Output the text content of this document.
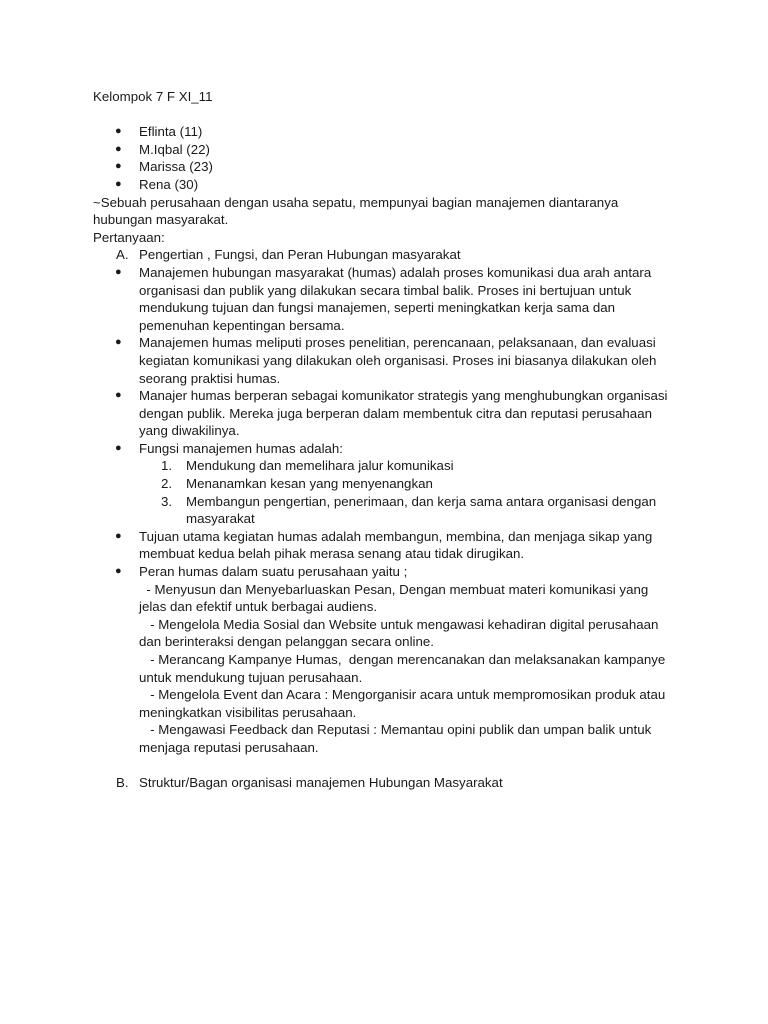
Kelompok 7 F XI_11

● Eflinta (11)
● M.Iqbal (22)
● Marissa (23)
● Rena (30)

~Sebuah perusahaan dengan usaha sepatu, mempunyai bagian manajemen diantaranya hubungan masyarakat.

Pertanyaan:

A. Pengertian , Fungsi, dan Peran Hubungan masyarakat
● Manajemen hubungan masyarakat (humas) adalah proses komunikasi dua arah antara organisasi dan publik yang dilakukan secara timbal balik. Proses ini bertujuan untuk mendukung tujuan dan fungsi manajemen, seperti meningkatkan kerja sama dan pemenuhan kepentingan bersama.
● Manajemen humas meliputi proses penelitian, perencanaan, pelaksanaan, dan evaluasi kegiatan komunikasi yang dilakukan oleh organisasi. Proses ini biasanya dilakukan oleh seorang praktisi humas.
● Manajer humas berperan sebagai komunikator strategis yang menghubungkan organisasi dengan publik. Mereka juga berperan dalam membentuk citra dan reputasi perusahaan yang diwakilinya.
● Fungsi manajemen humas adalah:
1. Mendukung dan memelihara jalur komunikasi
2. Menanamkan kesan yang menyenangkan
3. Membangun pengertian, penerimaan, dan kerja sama antara organisasi dengan masyarakat
● Tujuan utama kegiatan humas adalah membangun, membina, dan menjaga sikap yang membuat kedua belah pihak merasa senang atau tidak dirugikan.
● Peran humas dalam suatu perusahaan yaitu ;
- Menyusun dan Menyebarluaskan Pesan, Dengan membuat materi komunikasi yang jelas dan efektif untuk berbagai audiens.
- Mengelola Media Sosial dan Website untuk mengawasi kehadiran digital perusahaan dan berinteraksi dengan pelanggan secara online.
- Merancang Kampanye Humas,  dengan merencanakan dan melaksanakan kampanye untuk mendukung tujuan perusahaan.
- Mengelola Event dan Acara : Mengorganisir acara untuk mempromosikan produk atau meningkatkan visibilitas perusahaan.
- Mengawasi Feedback dan Reputasi : Memantau opini publik dan umpan balik untuk menjaga reputasi perusahaan.
B. Struktur/Bagan organisasi manajemen Hubungan Masyarakat
